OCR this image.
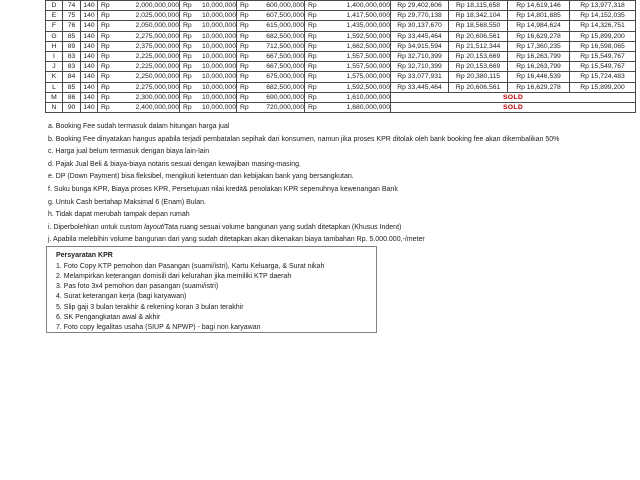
D	74	140	Rp 2,000,000,000	Rp 10,000,000	Rp 600,000,000	Rp 1,400,000,000	Rp 29,402,606	Rp 18,115,658	Rp 14,619,146	Rp 13,977,318
E	75	140	Rp 2,025,000,000	Rp 10,000,000	Rp 607,500,000	Rp 1,417,500,000	Rp 29,770,138	Rp 18,342,104	Rp 14,801,885	Rp 14,152,035
F	76	140	Rp 2,050,000,000	Rp 10,000,000	Rp 615,000,000	Rp 1,435,000,000	Rp 30,137,670	Rp 18,568,550	Rp 14,984,624	Rp 14,326,751
G	85	140	Rp 2,275,000,000	Rp 10,000,000	Rp 682,500,000	Rp 1,592,500,000	Rp 33,445,464	Rp 20,606,561	Rp 16,629,278	Rp 15,899,200
H	89	140	Rp 2,375,000,000	Rp 10,000,000	Rp 712,500,000	Rp 1,662,500,000	Rp 34,915,594	Rp 21,512,344	Rp 17,360,235	Rp 16,598,065
I	83	140	Rp 2,225,000,000	Rp 10,000,000	Rp 667,500,000	Rp 1,557,500,000	Rp 32,710,399	Rp 20,153,669	Rp 16,263,799	Rp 15,549,767
J	83	140	Rp 2,225,000,000	Rp 10,000,000	Rp 667,500,000	Rp 1,557,500,000	Rp 32,710,399	Rp 20,153,669	Rp 16,263,799	Rp 15,549,767
K	84	140	Rp 2,250,000,000	Rp 10,000,000	Rp 675,000,000	Rp 1,575,000,000	Rp 33,077,931	Rp 20,380,115	Rp 16,446,539	Rp 15,724,483
L	85	140	Rp 2,275,000,000	Rp 10,000,000	Rp 682,500,000	Rp 1,592,500,000	Rp 33,445,464	Rp 20,606,561	Rp 16,629,278	Rp 15,899,200
M	86	140	Rp 2,300,000,000	Rp 10,000,000	Rp 690,000,000	Rp 1,610,000,000	SOLD			
N	90	140	Rp 2,400,000,000	Rp 10,000,000	Rp 720,000,000	Rp 1,680,000,000	SOLD			
a. Booking Fee sudah termasuk dalam hitungan harga jual
b. Booking Fee dinyatakan hangus apabila terjadi pembatalan sepihak dari konsumen, namun jika proses KPR ditolak oleh bank booking fee akan dikembalikan 50%
c. Harga jual belum termasuk dengan biaya lain-lain
d. Pajak Jual Beli & biaya-biaya notaris sesuai dengan kewajiban masing-masing.
e. DP (Down Payment) bisa fleksibel, mengikuti ketentuan dan kebijakan bank yang bersangkutan.
f. Suku bunga KPR, Biaya proses KPR, Persetujuan nilai kredit& penolakan KPR sepenuhnya kewenangan Bank
g. Untuk Cash bertahap Maksimal 6 (Enam) Bulan.
h. Tidak dapat merubah tampak depan rumah
i. Diperbolehkan untuk custom layout/Tata ruang sesuai volume bangunan yang sudah ditetapkan (Khusus Indent)
j. Apabila melebihin volume bangunan dari yang sudah ditetapkan akan dikenakan biaya tambahan Rp. 5.000.000,-/meter
Persyaratan KPR
1. Foto Copy KTP pemohon dan Pasangan (suami/istri), Kartu Keluarga, & Surat nikah
2. Melampirkan keterangan domisili dari kelurahan jika memiliki KTP daerah
3. Pas foto 3x4 pemohon dan pasangan (suami/istri)
4. Surat keterangan kerja (bagi karyawan)
5. Slip gaji 3 bulan terakhir & rekening koran 3 bulan terakhir
6. SK Pengangkatan awal & akhir
7. Foto copy legalitas usaha (SIUP & NPWP) - bagi non karyawan
